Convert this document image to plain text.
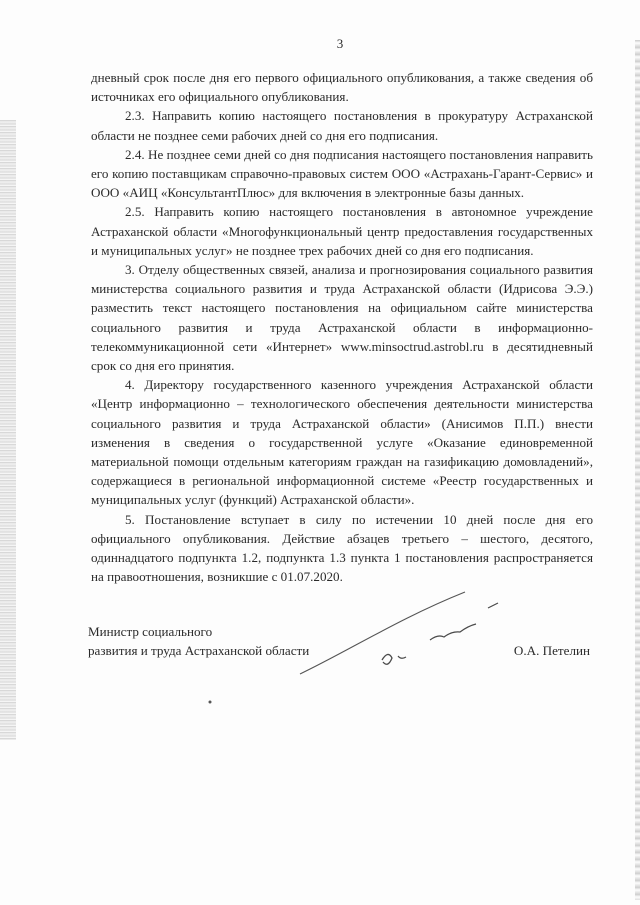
3

дневный срок после дня его первого официального опубликования, а также сведения об источниках его официального опубликования.

2.3. Направить копию настоящего постановления в прокуратуру Астраханской области не позднее семи рабочих дней со дня его подписания.

2.4. Не позднее семи дней со дня подписания настоящего постановления направить его копию поставщикам справочно-правовых систем ООО «Астрахань-Гарант-Сервис» и ООО «АИЦ «КонсультантПлюс» для включения в электронные базы данных.

2.5. Направить копию настоящего постановления в автономное учреждение Астраханской области «Многофункциональный центр предоставления государственных и муниципальных услуг» не позднее трех рабочих дней со дня его подписания.

3. Отделу общественных связей, анализа и прогнозирования социального развития министерства социального развития и труда Астраханской области (Идрисова Э.Э.) разместить текст настоящего постановления на официальном сайте министерства социального развития и труда Астраханской области в информационно-телекоммуникационной сети «Интернет» www.minsoctrud.astrobl.ru в десятидневный срок со дня его принятия.

4. Директору государственного казенного учреждения Астраханской области «Центр информационно – технологического обеспечения деятельности министерства социального развития и труда Астраханской области» (Анисимов П.П.) внести изменения в сведения о государственной услуге «Оказание единовременной материальной помощи отдельным категориям граждан на газификацию домовладений», содержащиеся в региональной информационной системе «Реестр государственных и муниципальных услуг (функций) Астраханской области».

5. Постановление вступает в силу по истечении 10 дней после дня его официального опубликования. Действие абзацев третьего – шестого, десятого, одиннадцатого подпункта 1.2, подпункта 1.3 пункта 1 постановления распространяется на правоотношения, возникшие с 01.07.2020.

Министр социального
развития и труда Астраханской области	О.А. Петелин
